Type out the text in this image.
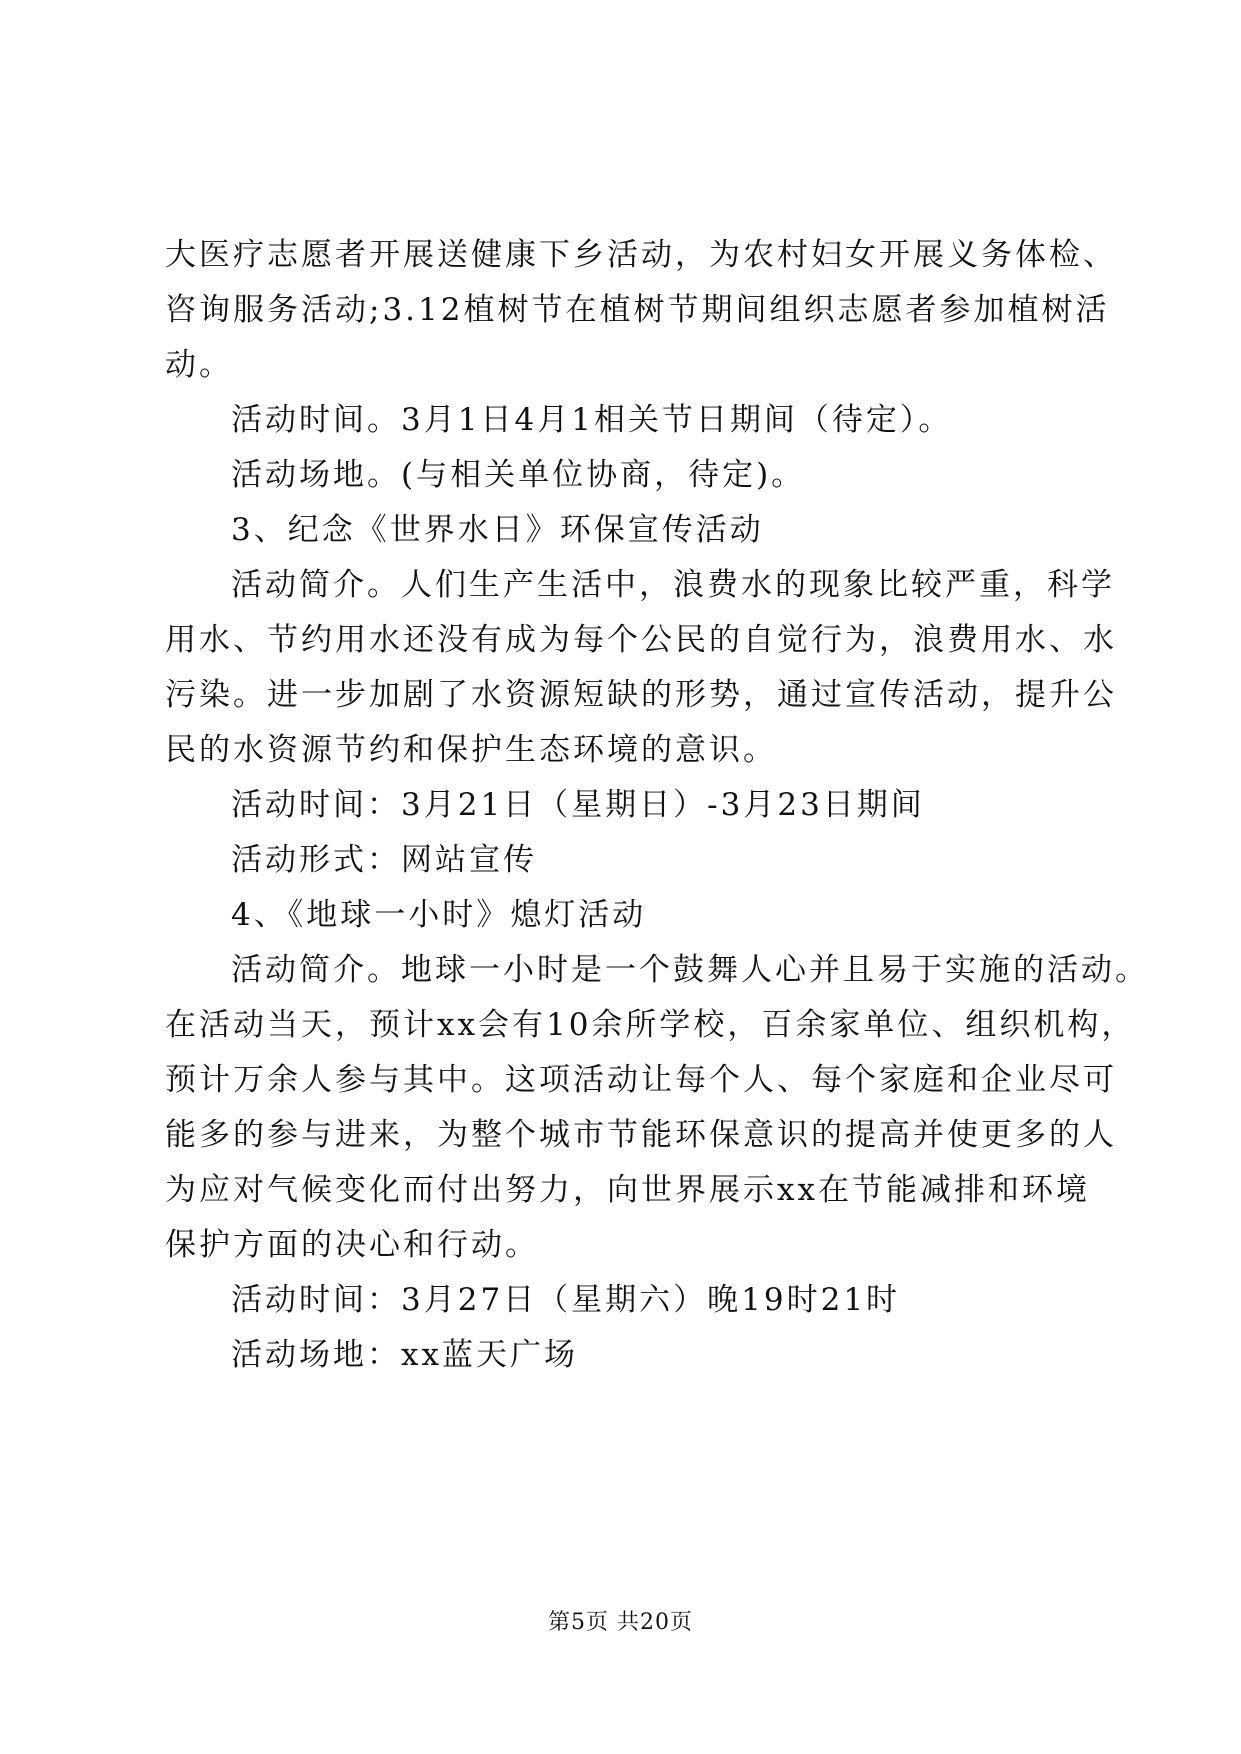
大医疗志愿者开展送健康下乡活动，为农村妇女开展义务体检、
咨询服务活动;3.12植树节在植树节期间组织志愿者参加植树活
动。
活动时间。3月1日4月1相关节日期间（待定）。
活动场地。(与相关单位协商，待定)。
3、纪念《世界水日》环保宣传活动
活动简介。人们生产生活中，浪费水的现象比较严重，科学
用水、节约用水还没有成为每个公民的自觉行为，浪费用水、水
污染。进一步加剧了水资源短缺的形势，通过宣传活动，提升公
民的水资源节约和保护生态环境的意识。
活动时间：3月21日（星期日）-3月23日期间
活动形式：网站宣传
4、《地球一小时》熄灯活动
活动简介。地球一小时是一个鼓舞人心并且易于实施的活动。
在活动当天，预计xx会有10余所学校，百余家单位、组织机构，
预计万余人参与其中。这项活动让每个人、每个家庭和企业尽可
能多的参与进来，为整个城市节能环保意识的提高并使更多的人
为应对气候变化而付出努力，向世界展示xx在节能减排和环境
保护方面的决心和行动。
活动时间：3月27日（星期六）晚19时21时
活动场地：xx蓝天广场
第5页 共20页
